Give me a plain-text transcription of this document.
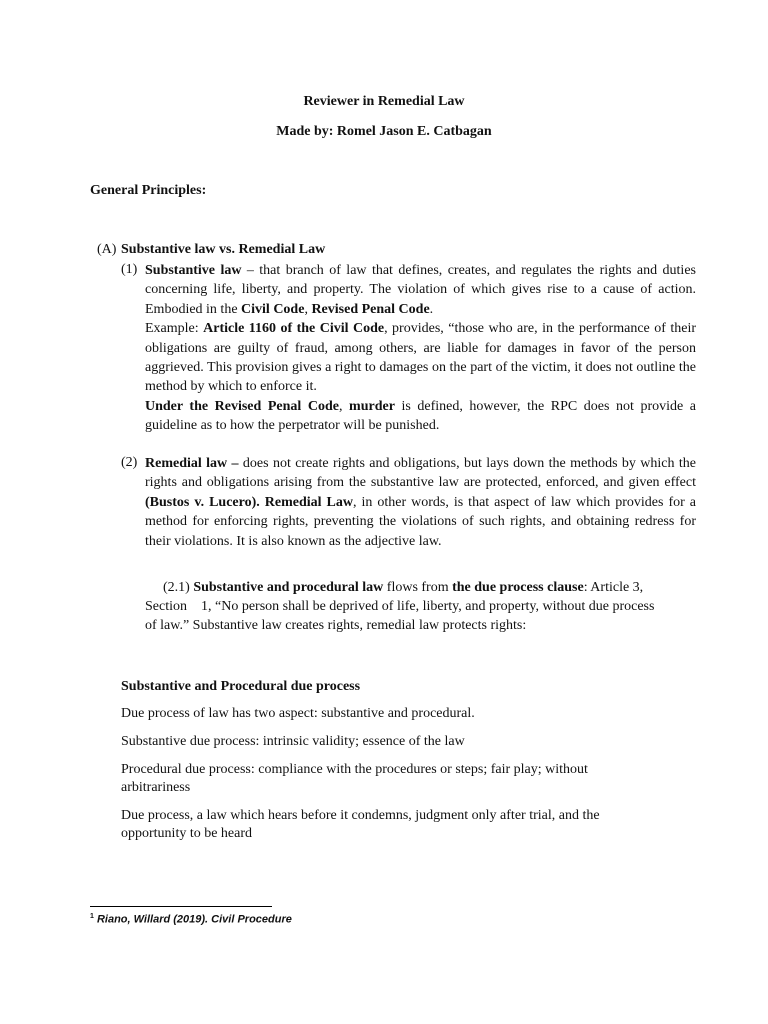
Reviewer in Remedial Law
Made by: Romel Jason E. Catbagan
General Principles:
(A) Substantive law vs. Remedial Law
(1) Substantive law – that branch of law that defines, creates, and regulates the rights and duties concerning life, liberty, and property. The violation of which gives rise to a cause of action. Embodied in the Civil Code, Revised Penal Code.
Example: Article 1160 of the Civil Code, provides, “those who are, in the performance of their obligations are guilty of fraud, among others, are liable for damages in favor of the person aggrieved. This provision gives a right to damages on the part of the victim, it does not outline the method by which to enforce it.
Under the Revised Penal Code, murder is defined, however, the RPC does not provide a guideline as to how the perpetrator will be punished.
(2) Remedial law – does not create rights and obligations, but lays down the methods by which the rights and obligations arising from the substantive law are protected, enforced, and given effect (Bustos v. Lucero). Remedial Law, in other words, is that aspect of law which provides for a method for enforcing rights, preventing the violations of such rights, and obtaining redress for their violations. It is also known as the adjective law.
(2.1) Substantive and procedural law flows from the due process clause: Article 3,
Section    1, “No person shall be deprived of life, liberty, and property, without due process
of law.” Substantive law creates rights, remedial law protects rights:
Substantive and Procedural due process
Due process of law has two aspect: substantive and procedural.
Substantive due process: intrinsic validity; essence of the law
Procedural due process: compliance with the procedures or steps; fair play; without
arbitrariness
Due process, a law which hears before it condemns, judgment only after trial, and the
opportunity to be heard
$^1$ Riano, Willard (2019). Civil Procedure
